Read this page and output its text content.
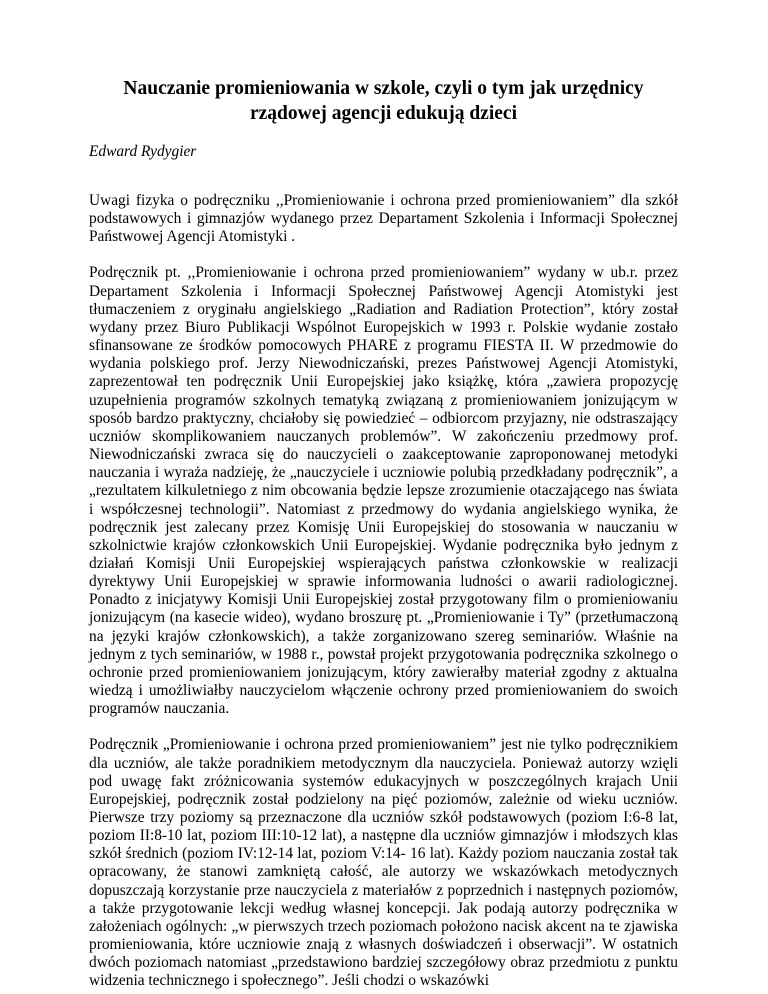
Nauczanie promieniowania w szkole, czyli o tym jak urzędnicy
rządowej agencji edukują dzieci
Edward Rydygier

Uwagi fizyka o podręczniku ,,Promieniowanie i ochrona przed promieniowaniem” dla szkół podstawowych i gimnazjów wydanego przez Departament Szkolenia i Informacji Społecznej Państwowej Agencji Atomistyki .

Podręcznik pt. ,,Promieniowanie i ochrona przed promieniowaniem” wydany w ub.r. przez Departament Szkolenia i Informacji Społecznej Państwowej Agencji Atomistyki jest tłumaczeniem z oryginału angielskiego „Radiation and Radiation Protection”, który został wydany przez Biuro Publikacji Wspólnot Europejskich w 1993 r. Polskie wydanie zostało sfinansowane ze środków pomocowych PHARE z programu FIESTA II. W przedmowie do wydania polskiego prof. Jerzy Niewodniczański, prezes Państwowej Agencji Atomistyki, zaprezentował ten podręcznik Unii Europejskiej jako książkę, która „zawiera propozycję uzupełnienia programów szkolnych tematyką związaną z promieniowaniem jonizującym w sposób bardzo praktyczny, chciałoby się powiedzieć – odbiorcom przyjazny, nie odstraszający uczniów skomplikowaniem nauczanych problemów”. W zakończeniu przedmowy prof. Niewodniczański zwraca się do nauczycieli o zaakceptowanie zaproponowanej metodyki nauczania i wyraża nadzieję, że „nauczyciele i uczniowie polubią przedkładany podręcznik”, a „rezultatem kilkuletniego z nim obcowania będzie lepsze zrozumienie otaczającego nas świata i współczesnej technologii”. Natomiast z przedmowy do wydania angielskiego wynika, że podręcznik jest zalecany przez Komisję Unii Europejskiej do stosowania w nauczaniu w szkolnictwie krajów członkowskich Unii Europejskiej. Wydanie podręcznika było jednym z działań Komisji Unii Europejskiej wspierających państwa członkowskie w realizacji dyrektywy Unii Europejskiej w sprawie informowania ludności o awarii radiologicznej. Ponadto z inicjatywy Komisji Unii Europejskiej został przygotowany film o promieniowaniu jonizującym (na kasecie wideo), wydano broszurę pt. „Promieniowanie i Ty” (przetłumaczoną na języki krajów członkowskich), a także zorganizowano szereg seminariów. Właśnie na jednym z tych seminariów, w 1988 r., powstał projekt przygotowania podręcznika szkolnego o ochronie przed promieniowaniem jonizującym, który zawierałby materiał zgodny z aktualna wiedzą i umożliwiałby nauczycielom włączenie ochrony przed promieniowaniem do swoich programów nauczania.

Podręcznik „Promieniowanie i ochrona przed promieniowaniem” jest nie tylko podręcznikiem dla uczniów, ale także poradnikiem metodycznym dla nauczyciela. Ponieważ autorzy wzięli pod uwagę fakt zróżnicowania systemów edukacyjnych w poszczególnych krajach Unii Europejskiej, podręcznik został podzielony na pięć poziomów, zależnie od wieku uczniów. Pierwsze trzy poziomy są przeznaczone dla uczniów szkół podstawowych (poziom I:6-8 lat, poziom II:8-10 lat, poziom III:10-12 lat), a następne dla uczniów gimnazjów i młodszych klas szkół średnich (poziom IV:12-14 lat, poziom V:14- 16 lat). Każdy poziom nauczania został tak opracowany, że stanowi zamkniętą całość, ale autorzy we wskazówkach metodycznych dopuszczają korzystanie prze nauczyciela z materiałów z poprzednich i następnych poziomów, a także przygotowanie lekcji według własnej koncepcji. Jak podają autorzy podręcznika w założeniach ogólnych: „w pierwszych trzech poziomach położono nacisk akcent na te zjawiska promieniowania, które uczniowie znają z własnych doświadczeń i obserwacji”. W ostatnich dwóch poziomach natomiast „przedstawiono bardziej szczegółowy obraz przedmiotu z punktu widzenia technicznego i społecznego”. Jeśli chodzi o wskazówki
